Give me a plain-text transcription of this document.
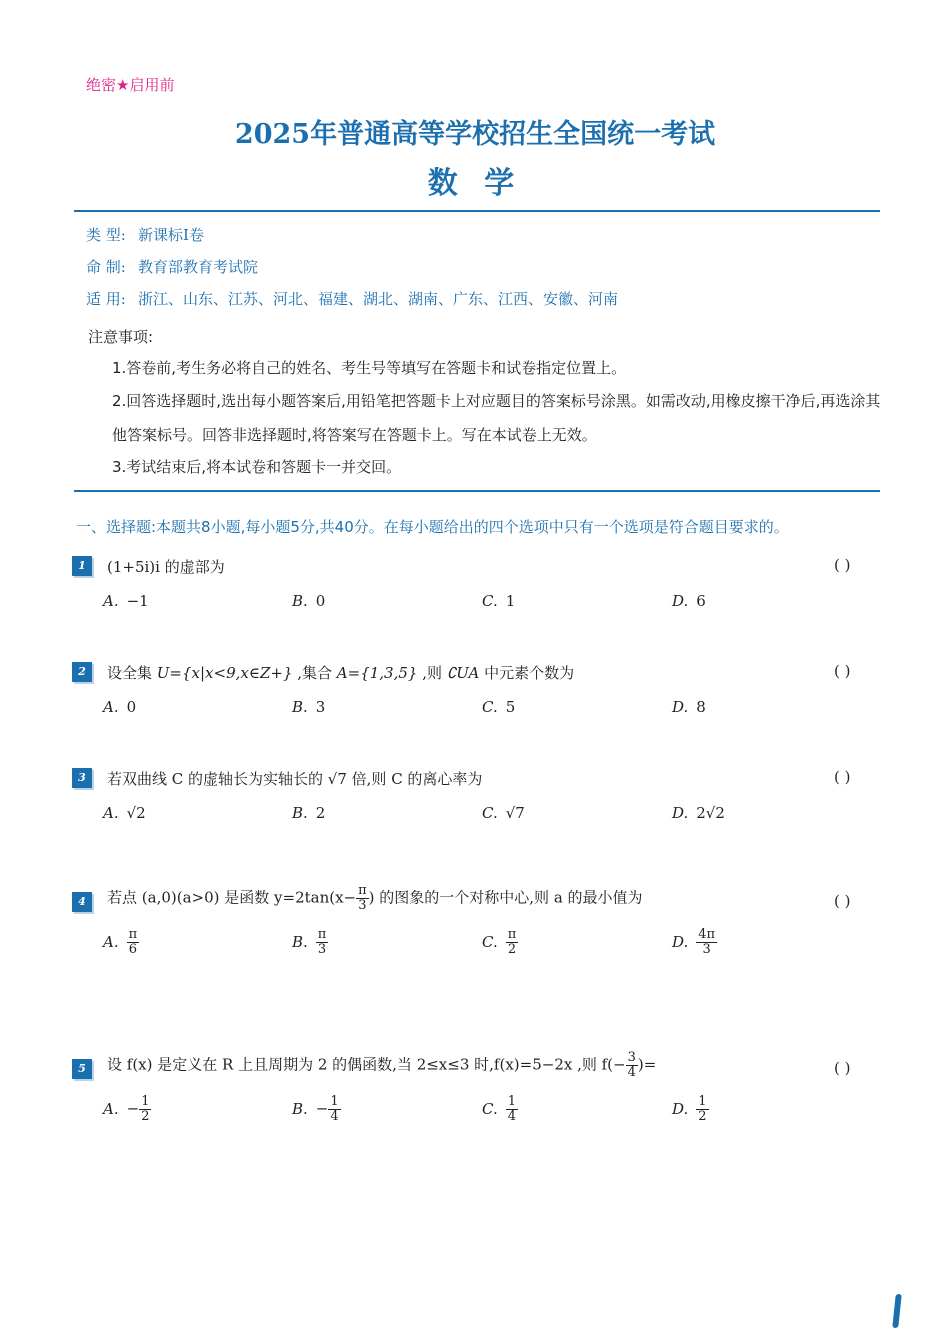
绝密★启用前
2025年普通高等学校招生全国统一考试
数 学
类 型: 新课标Ⅰ卷
命 制: 教育部教育考试院
适 用: 浙江、山东、江苏、河北、福建、湖北、湖南、广东、江西、安徽、河南
注意事项:
1.答卷前,考生务必将自己的姓名、考生号等填写在答题卡和试卷指定位置上。
2.回答选择题时,选出每小题答案后,用铅笔把答题卡上对应题目的答案标号涂黑。如需改动,用橡皮擦干净后,再选涂其他答案标号。回答非选择题时,将答案写在答题卡上。写在本试卷上无效。
3.考试结束后,将本试卷和答题卡一并交回。
一、选择题:本题共8小题,每小题5分,共40分。在每小题给出的四个选项中只有一个选项是符合题目要求的。
1	(1+5i)i 的虚部为	( )
A. −1	B. 0	C. 1	D. 6
2	设全集 U={x|x<9,x∈Z+} ,集合 A={1,3,5} ,则 ∁UA 中元素个数为	( )
A. 0	B. 3	C. 5	D. 8
3	若双曲线 C 的虚轴长为实轴长的 √7 倍,则 C 的离心率为	( )
A. √2	B. 2	C. √7	D. 2√2
4	若点 (a,0)(a>0) 是函数 $y=2\tan(x- \frac{\pi}{3}$ ) 的图象的一个对称中心,则 a 的最小值为	( )
A. $\frac{\pi}{6}$	B. $\frac{\pi}{3}$	C. $\frac{\pi}{2}$	D. $\frac{4\pi}{3}$
5	设 f(x) 是定义在 R 上且周期为 2 的偶函数,当 2≤x≤3 时,f(x)=5−2x ,则 $f(- \frac{3}{4}$ )=	( )
A. − $\frac{1}{2}$	B. − $\frac{1}{4}$	C. $\frac{1}{4}$	D. $\frac{1}{2}$
